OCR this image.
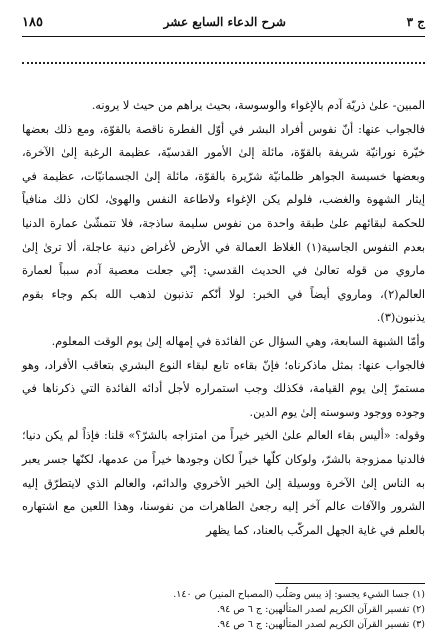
ج ٣
شرح الدعاء السابع عشر
١٨٥

المبين- علىٰ ذريّة آدم بالإغواء والوسوسة، بحيث يراهم من حيث لا يرونه.

فالجواب عنها: أنّ نفوس أفراد البشر في أوّل الفطرة ناقصة بالقوّة، ومع ذلك بعضها خيّرة نورانيّة شريفة بالقوّة، مائلة إلىٰ الأمور القدسيّة، عظيمة الرغبة إلىٰ الآخرة، وبعضها خسيسة الجواهر ظلمانيّة شرّيرة بالقوّة، مائلة إلىٰ الجسمانيّات، عظيمة في إيثار الشهوة والغضب، فلولم يكن الإغواء ولاطاعة النفس والهوىٰ، لكان ذلك منافياً للحكمة لبقائهم علىٰ طبقة واحدة من نفوس سليمة ساذجة، فلا تتمشّىٰ عمارة الدنيا بعدم النفوس الجاسية(١) الغلاظ العمالة في الأرض لأغراض دنية عاجلة، ألا ترىٰ إلىٰ ماروي من قوله تعالىٰ في الحديث القدسي: إنّي جعلت معصية آدم سبباً لعمارة العالم(٢)، وماروي أيضاً في الخبر: لولا أنّكم تذنبون لذهب الله بكم وجاء بقوم يذنبون(٣).

وأمّا الشبهة السابعة، وهي السؤال عن الفائدة في إمهاله إلىٰ يوم الوقت المعلوم.

فالجواب عنها: بمثل ماذكرناه؛ فإنّ بقاءه تابع لبقاء النوع البشري بتعاقب الأفراد، وهو مستمرّ إلىٰ يوم القيامة، فكذلك وجب استمراره لأجل أدائه الفائدة التي ذكرناها في وجوده ووجود وسوسته إلىٰ يوم الدين.

وقوله: «أليس بقاء العالم علىٰ الخير خيراً من امتزاجه بالشرّ؟» قلنا: فإذاً لم يكن دنيا؛ فالدنيا ممزوجة بالشرّ، ولوكان كلّها خيراً لكان وجودها خيراً من عدمها، لكنّها جسر يعبر به الناس إلىٰ الآخرة ووسيلة إلىٰ الخير الأخروي والدائم، والعالم الذي لايتطرّق إليه الشرور والآفات عالم آخر إليه رجعىٰ الطاهرات من نفوسنا، وهذا اللعين مع اشتهاره بالعلم في غاية الجهل المركّب بالعناد، كما يظهر

(١) جسا الشيء يجسو: إذ يبس وصَلُب (المصباح المنير) ص ١٤٠.
(٢) تفسير القرآن الكريم لصدر المتألهين: ج ٦ ص ٩٤.
(٣) تفسير القرآن الكريم لصدر المتألهين: ج ٦ ص ٩٤.
